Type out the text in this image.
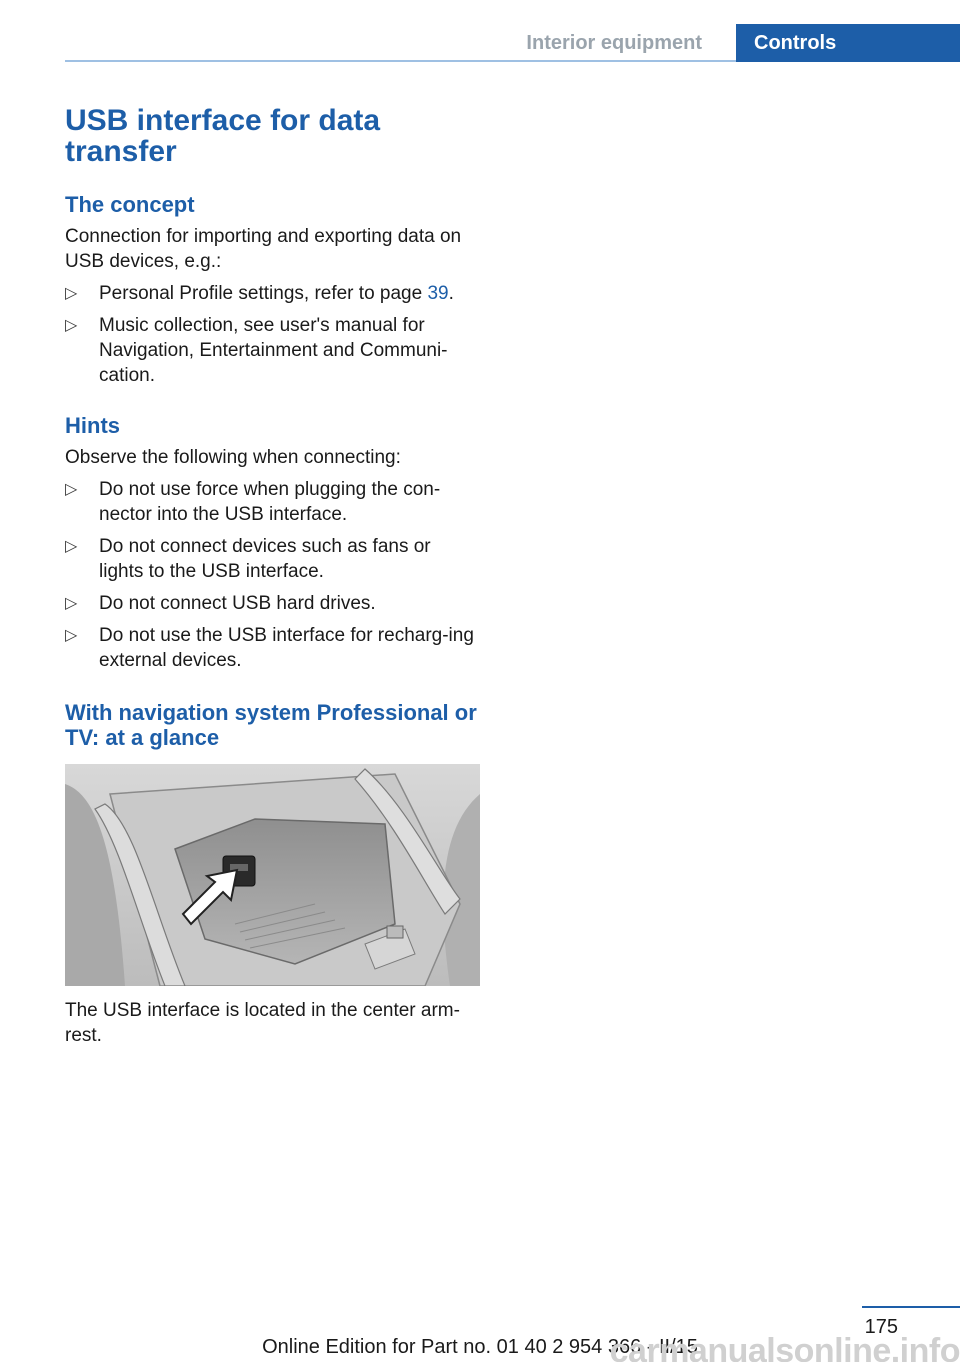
Interior equipment	Controls
USB interface for data transfer
The concept

Connection for importing and exporting data on USB devices, e.g.:

▷ Personal Profile settings, refer to page 39.
▷ Music collection, see user's manual for Navigation, Entertainment and Communi-cation.
Hints

Observe the following when connecting:

▷ Do not use force when plugging the con-nector into the USB interface.
▷ Do not connect devices such as fans or lights to the USB interface.
▷ Do not connect USB hard drives.
▷ Do not use the USB interface for recharg-ing external devices.
With navigation system Professional or TV: at a glance

The USB interface is located in the center arm-rest.

175
Online Edition for Part no. 01 40 2 954 366 - II/15
carmanualsonline.info
